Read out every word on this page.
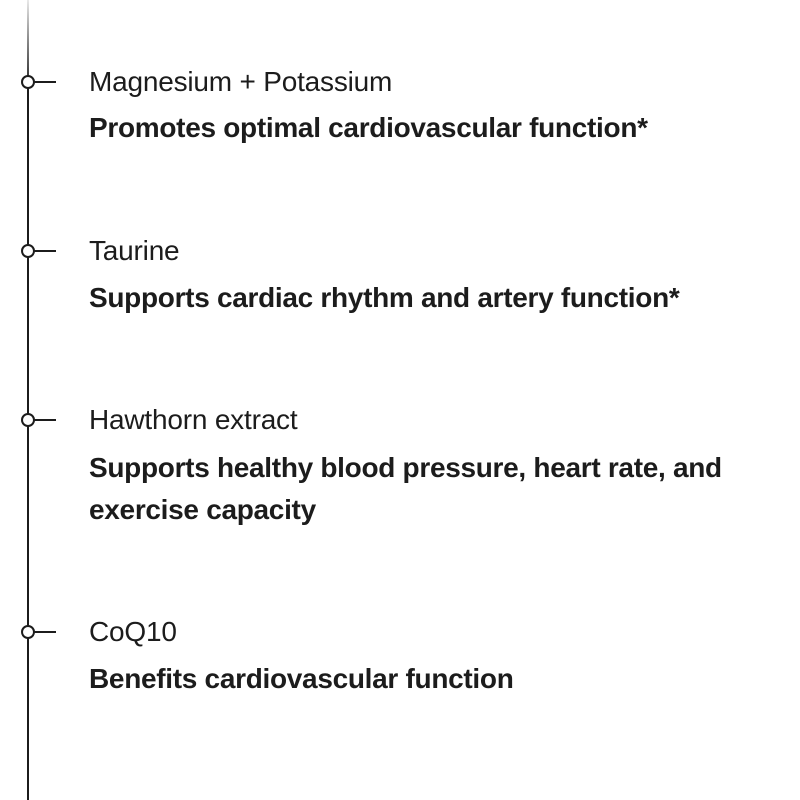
Magnesium + Potassium
Promotes optimal cardiovascular function*
Taurine
Supports cardiac rhythm and artery function*
Hawthorn extract
Supports healthy blood pressure, heart rate, and exercise capacity
CoQ10
Benefits cardiovascular function
